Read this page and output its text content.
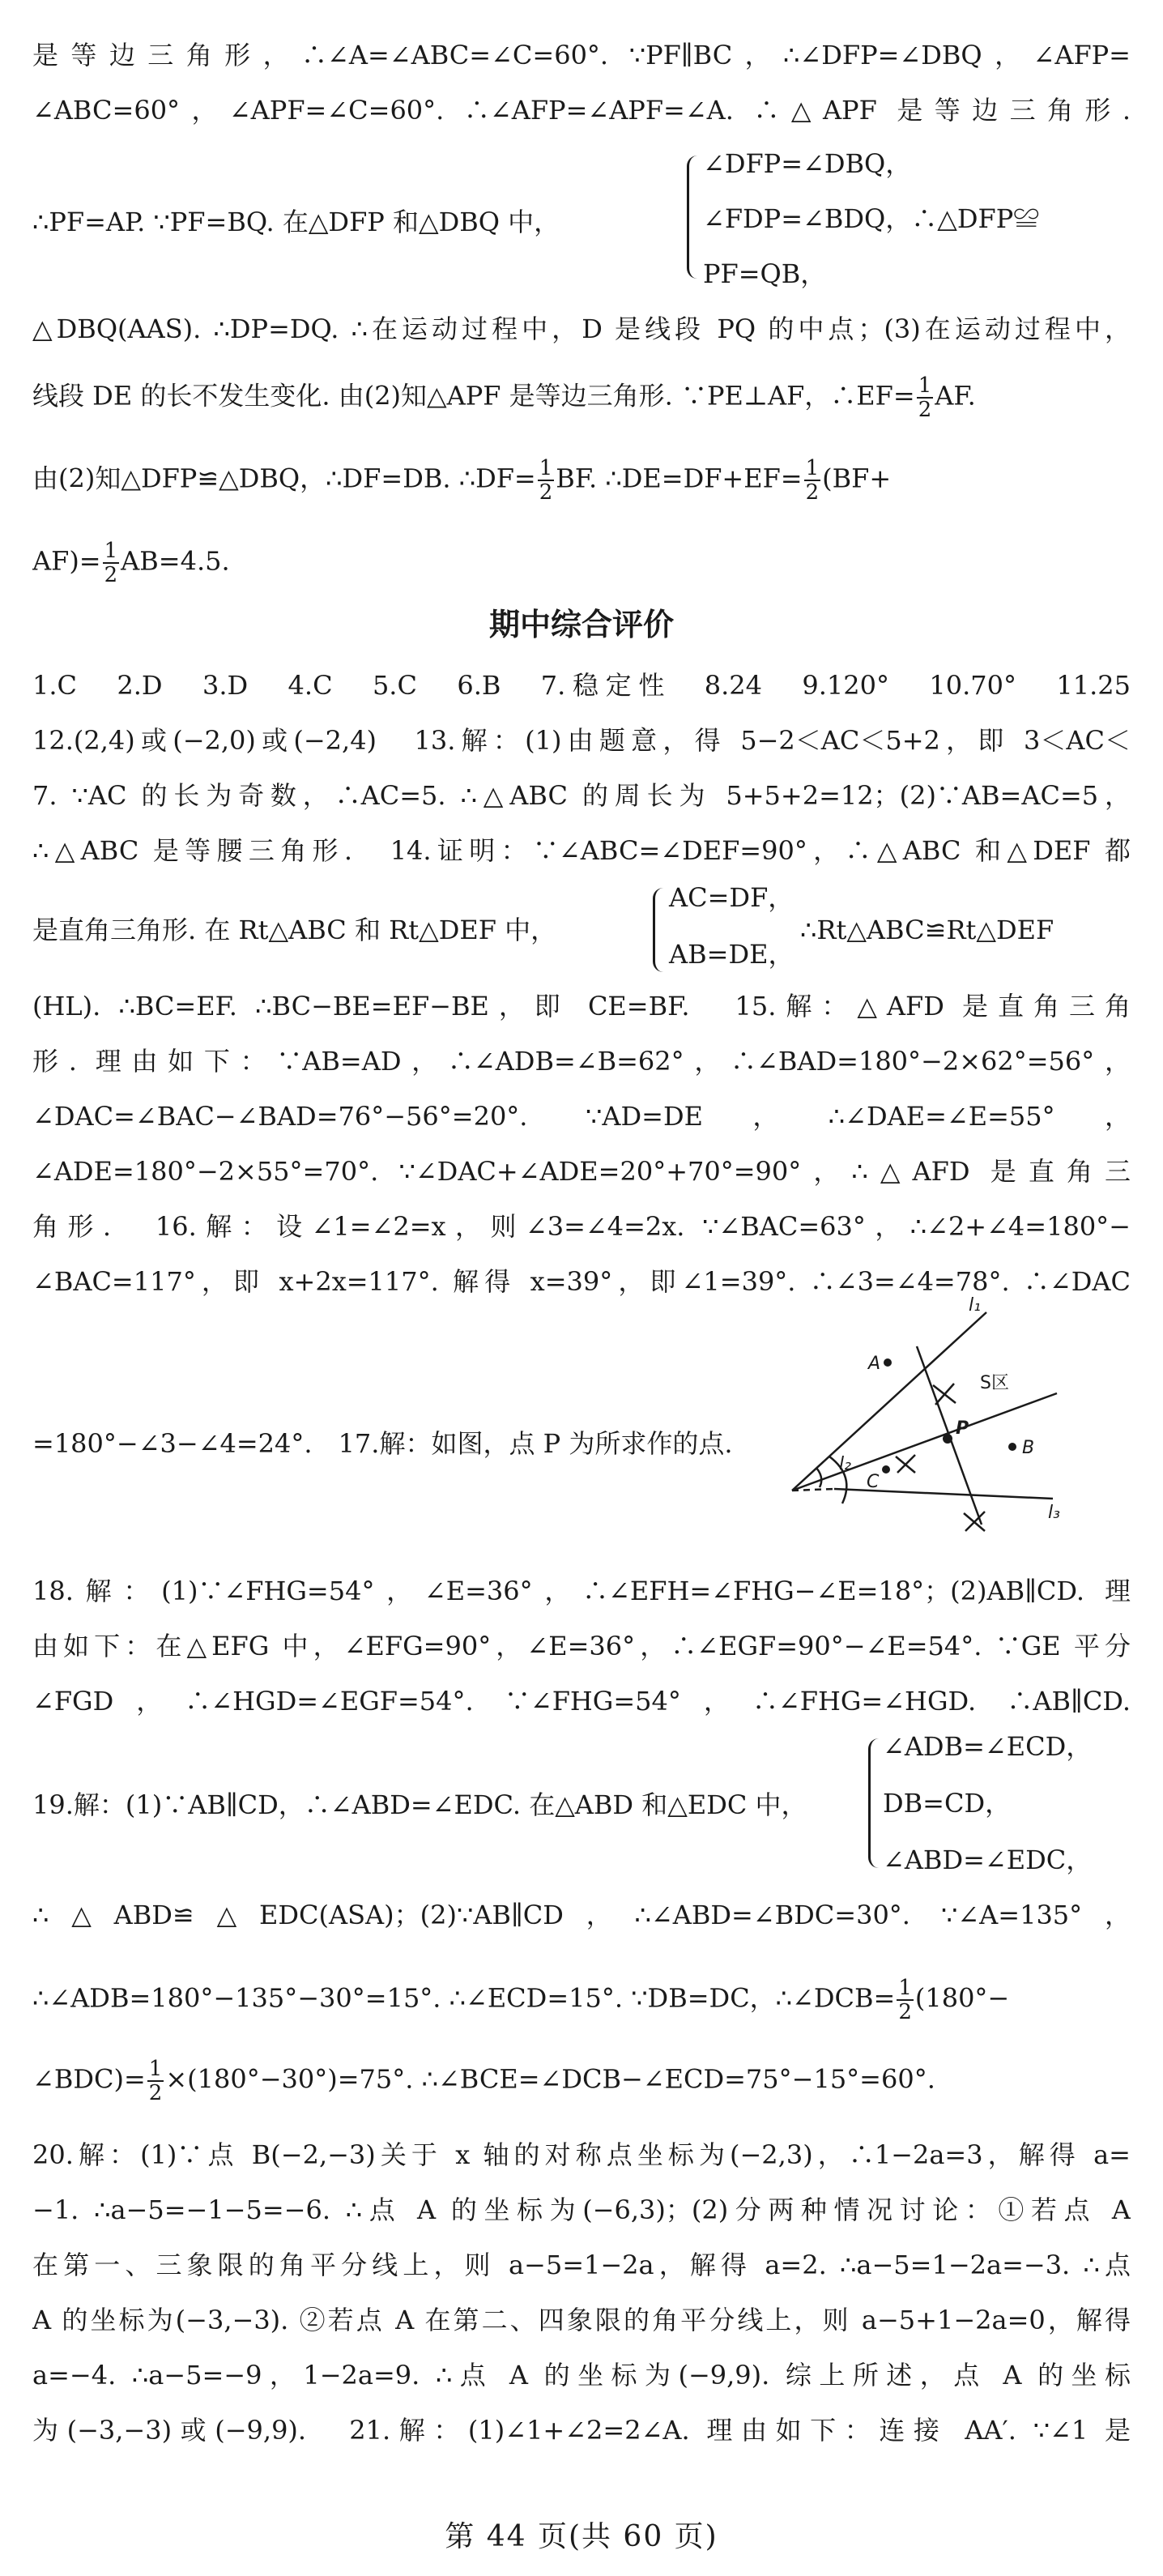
是等边三角形，∴∠A=∠ABC=∠C=60°. ∵PF∥BC，∴∠DFP=∠DBQ，∠AFP=
∠ABC=60°，∠APF=∠C=60°. ∴∠AFP=∠APF=∠A. ∴△APF 是等边三角形.
∴PF=AP. ∵PF=BQ. 在△DFP 和△DBQ 中，
∠DFP=∠DBQ，
∠FDP=∠BDQ，∴△DFP≌
PF=QB，
△DBQ(AAS). ∴DP=DQ. ∴在运动过程中，D 是线段 PQ 的中点；(3)在运动过程中，
线段 DE 的长不发生变化. 由(2)知△APF 是等边三角形. ∵PE⊥AF，∴EF= $\frac{1}{2}$ AF.
由(2)知△DFP≌△DBQ，∴DF=DB. ∴DF= $\frac{1}{2}$ BF. ∴DE=DF+EF= $\frac{1}{2} (BF+$
$AF)= \frac{1}{2} AB=4.5$.
期中综合评价
1.C　2.D　3.D　4.C　5.C　6.B　7.稳定性　8.24　9.120°　10.70°　11.25
12.(2,4)或(−2,0)或(−2,4)　13.解：(1)由题意，得 5−2＜AC＜5+2，即 3＜AC＜
7. ∵AC 的长为奇数，∴AC=5. ∴△ABC 的周长为 5+5+2=12；(2)∵AB=AC=5，
∴△ABC 是等腰三角形.　14.证明：∵∠ABC=∠DEF=90°，∴△ABC 和△DEF 都
是直角三角形. 在 Rt△ABC 和 Rt△DEF 中，
AC=DF，
AB=DE，
∴Rt△ABC≌Rt△DEF
(HL). ∴BC=EF. ∴BC−BE=EF−BE，即 CE=BF.　15.解：△AFD 是直角三角
形. 理由如下：∵AB=AD，∴∠ADB=∠B=62°，∴∠BAD=180°−2×62°=56°，
∠DAC=∠BAC−∠BAD=76°−56°=20°. ∵AD=DE，∴∠DAE=∠E=55°，
∠ADE=180°−2×55°=70°. ∵∠DAC+∠ADE=20°+70°=90°，∴△AFD 是直角三
角形.　16.解：设∠1=∠2=x，则∠3=∠4=2x. ∵∠BAC=63°，∴∠2+∠4=180°−
∠BAC=117°，即 x+2x=117°. 解得 x=39°，即∠1=39°. ∴∠3=∠4=78°. ∴∠DAC
=180°−∠3−∠4=24°.　17.解：如图，点 P 为所求作的点.
A
B
C
P
S区
l₁
l₂
l₃
18.解：(1)∵∠FHG=54°，∠E=36°，∴∠EFH=∠FHG−∠E=18°；(2)AB∥CD. 理
由如下：在△EFG 中，∠EFG=90°，∠E=36°，∴∠EGF=90°−∠E=54°. ∵GE 平分
∠FGD，∴∠HGD=∠EGF=54°. ∵∠FHG=54°，∴∠FHG=∠HGD. ∴AB∥CD.
19.解：(1)∵AB∥CD，∴∠ABD=∠EDC. 在△ABD 和△EDC 中，
∠ADB=∠ECD，
DB=CD，
∠ABD=∠EDC，
∴△ABD≌△EDC(ASA)；(2)∵AB∥CD，∴∠ABD=∠BDC=30°. ∵∠A=135°，
∴∠ADB=180°−135°−30°=15°. ∴∠ECD=15°. ∵DB=DC，∴∠DCB= $\frac{1}{2} (180^\circ-$
∠BDC)= $\frac{1}{2} \times(180^\circ-30^\circ)=75^\circ$. ∴∠BCE=∠DCB−∠ECD=75°−15°=60°.
20.解：(1)∵点 B(−2,−3)关于 x 轴的对称点坐标为(−2,3)，∴1−2a=3，解得 a=
−1. ∴a−5=−1−5=−6. ∴点 A 的坐标为(−6,3)；(2)分两种情况讨论：①若点 A
在第一、三象限的角平分线上，则 a−5=1−2a，解得 a=2. ∴a−5=1−2a=−3. ∴点
A 的坐标为(−3,−3). ②若点 A 在第二、四象限的角平分线上，则 a−5+1−2a=0，解得
a=−4. ∴a−5=−9，1−2a=9. ∴点 A 的坐标为(−9,9). 综上所述，点 A 的坐标
为(−3,−3)或(−9,9).　21.解：(1)∠1+∠2=2∠A. 理由如下：连接 AA′. ∵∠1 是
第 44 页(共 60 页)
